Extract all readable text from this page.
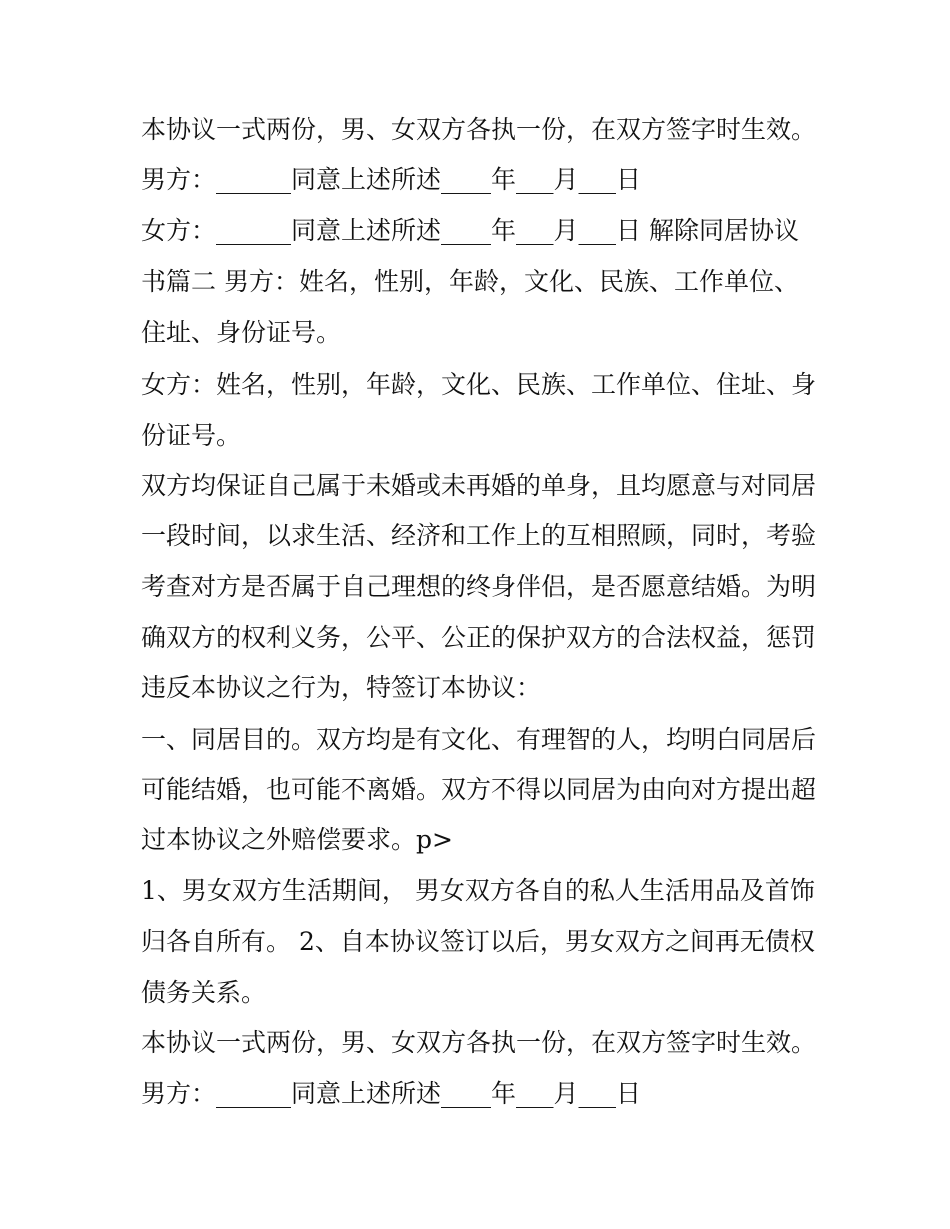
本协议一式两份，男、女双方各执一份，在双方签字时生效。
男方：______同意上述所述____年___月___日
女方：______同意上述所述____年___月___日 解除同居协议
书篇二 男方：姓名，性别，年龄，文化、民族、工作单位、
住址、身份证号。
女方：姓名，性别，年龄，文化、民族、工作单位、住址、身
份证号。
双方均保证自己属于未婚或未再婚的单身，且均愿意与对同居
一段时间，以求生活、经济和工作上的互相照顾，同时，考验
考查对方是否属于自己理想的终身伴侣，是否愿意结婚。为明
确双方的权利义务，公平、公正的保护双方的合法权益，惩罚
违反本协议之行为，特签订本协议：
一、同居目的。双方均是有文化、有理智的人，均明白同居后
可能结婚，也可能不离婚。双方不得以同居为由向对方提出超
过本协议之外赔偿要求。p>
1、男女双方生活期间， 男女双方各自的私人生活用品及首饰
归各自所有。 2、自本协议签订以后，男女双方之间再无债权
债务关系。
本协议一式两份，男、女双方各执一份，在双方签字时生效。
男方：______同意上述所述____年___月___日
